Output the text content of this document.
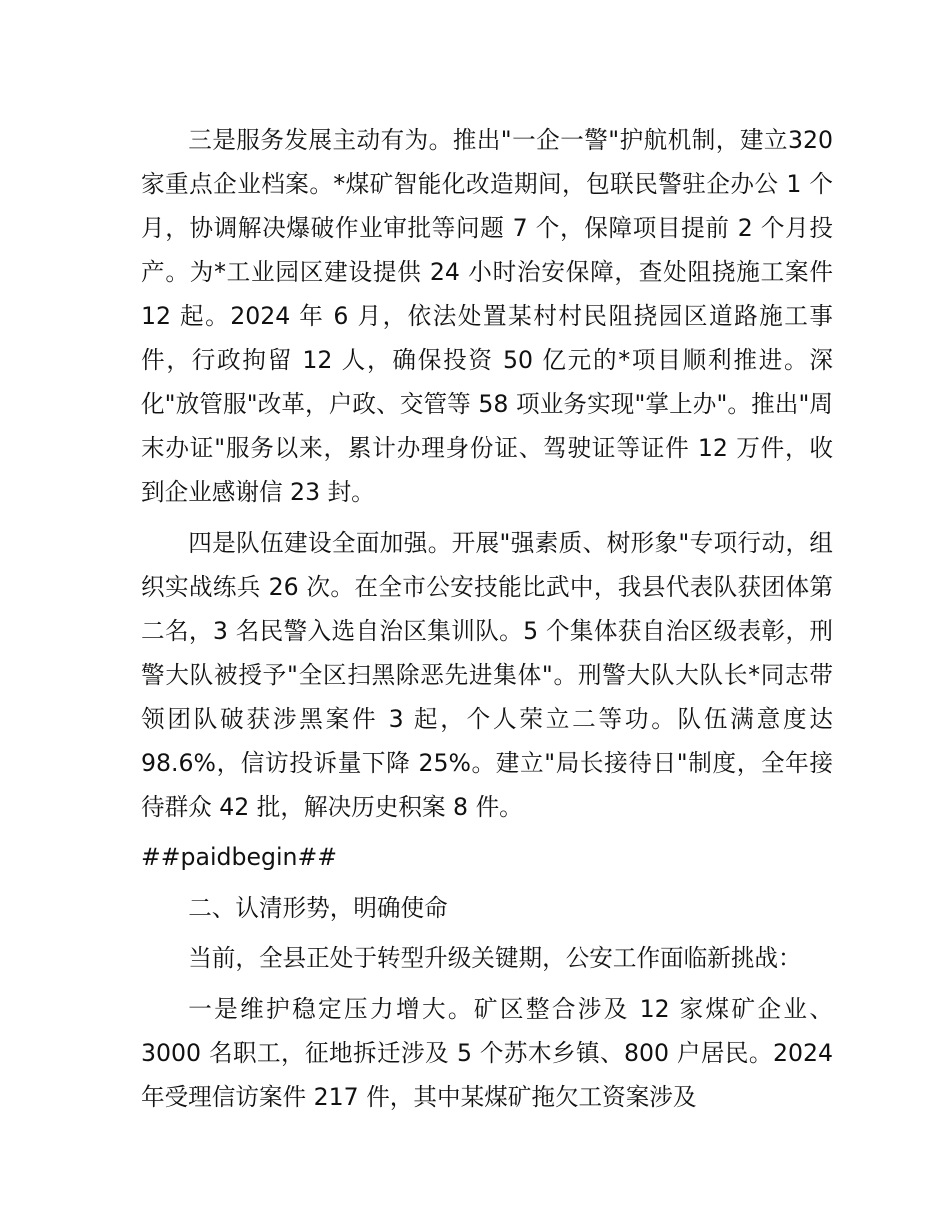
三是服务发展主动有为。推出"一企一警"护航机制，建立320 家重点企业档案。*煤矿智能化改造期间，包联民警驻企办公 1 个月，协调解决爆破作业审批等问题 7 个，保障项目提前 2 个月投产。为*工业园区建设提供 24 小时治安保障，查处阻挠施工案件 12 起。2024 年 6 月，依法处置某村村民阻挠园区道路施工事件，行政拘留 12 人，确保投资 50 亿元的*项目顺利推进。深化"放管服"改革，户政、交管等 58 项业务实现"掌上办"。推出"周末办证"服务以来，累计办理身份证、驾驶证等证件 12 万件，收到企业感谢信 23 封。

四是队伍建设全面加强。开展"强素质、树形象"专项行动，组织实战练兵 26 次。在全市公安技能比武中，我县代表队获团体第二名，3 名民警入选自治区集训队。5 个集体获自治区级表彰，刑警大队被授予"全区扫黑除恶先进集体"。刑警大队大队长*同志带领团队破获涉黑案件 3 起，个人荣立二等功。队伍满意度达 98.6%，信访投诉量下降 25%。建立"局长接待日"制度，全年接待群众 42 批，解决历史积案 8 件。

##paidbegin##

二、认清形势，明确使命

当前，全县正处于转型升级关键期，公安工作面临新挑战：

一是维护稳定压力增大。矿区整合涉及 12 家煤矿企业、3000 名职工，征地拆迁涉及 5 个苏木乡镇、800 户居民。2024 年受理信访案件 217 件，其中某煤矿拖欠工资案涉及
